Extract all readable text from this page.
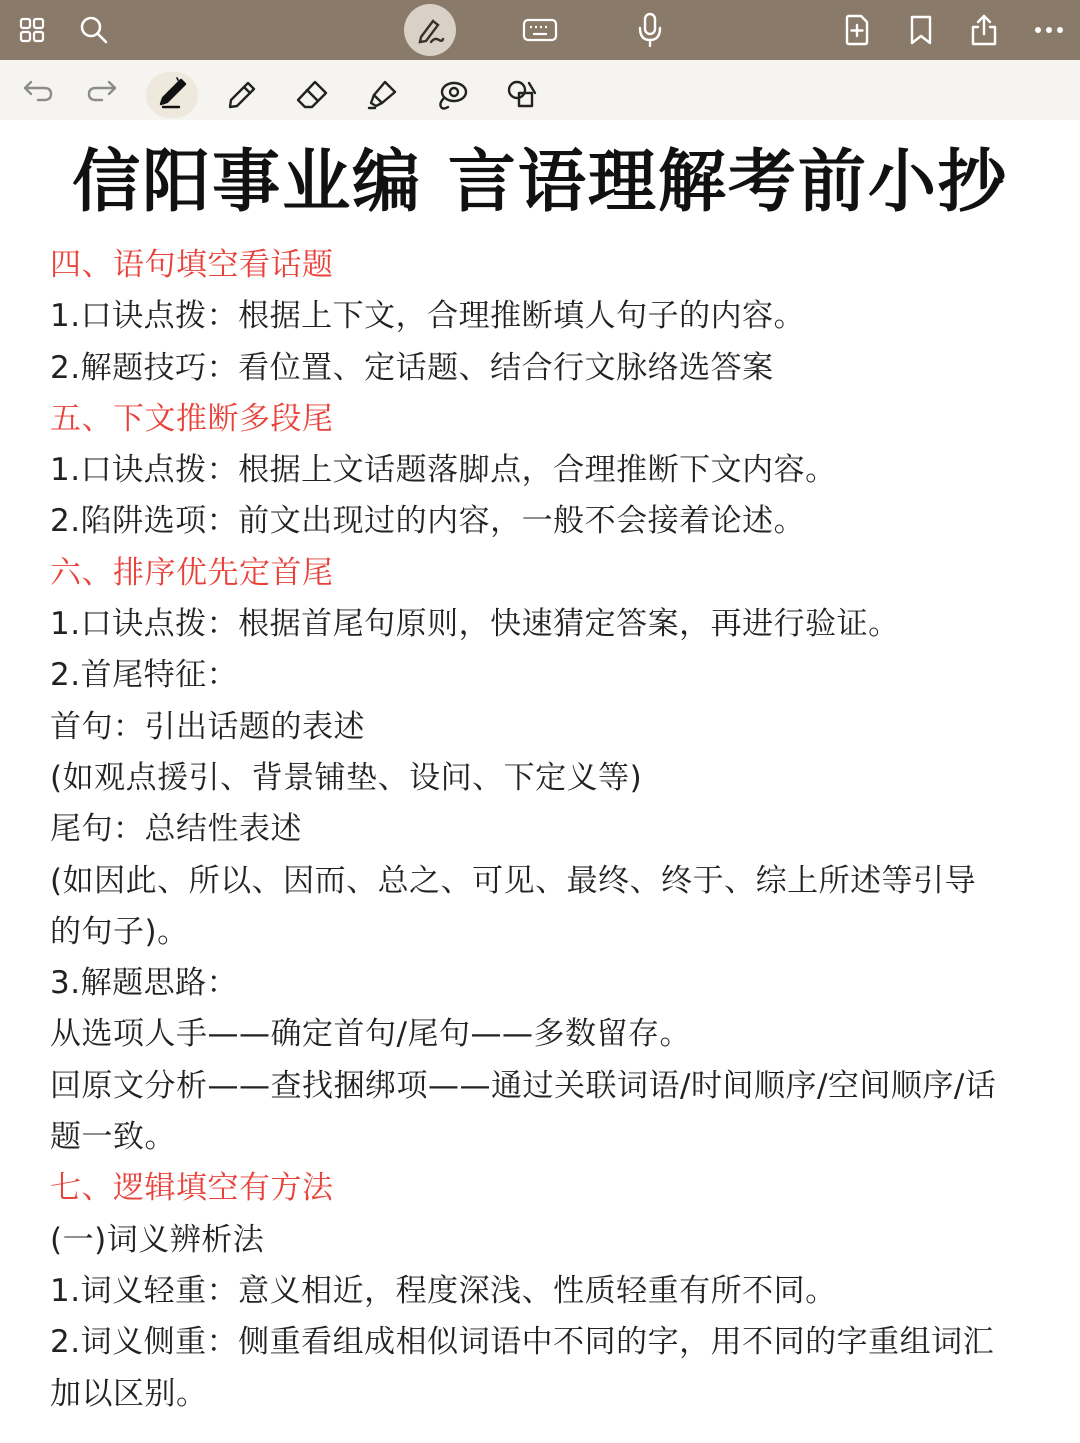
信阳事业编 言语理解考前小抄
四、语句填空看话题
1.口诀点拨：根据上下文，合理推断填人句子的内容。
2.解题技巧：看位置、定话题、结合行文脉络选答案
五、下文推断多段尾
1.口诀点拨：根据上文话题落脚点，合理推断下文内容。
2.陷阱选项：前文出现过的内容，一般不会接着论述。
六、排序优先定首尾
1.口诀点拨：根据首尾句原则，快速猜定答案，再进行验证。
2.首尾特征：
首句：引出话题的表述
(如观点援引、背景铺垫、设问、下定义等)
尾句：总结性表述
(如因此、所以、因而、总之、可见、最终、终于、综上所述等引导
的句子)。
3.解题思路：
从选项人手——确定首句/尾句——多数留存。
回原文分析——查找捆绑项——通过关联词语/时间顺序/空间顺序/话
题一致。
七、逻辑填空有方法
(一)词义辨析法
1.词义轻重：意义相近，程度深浅、性质轻重有所不同。
2.词义侧重：侧重看组成相似词语中不同的字，用不同的字重组词汇
加以区别。
